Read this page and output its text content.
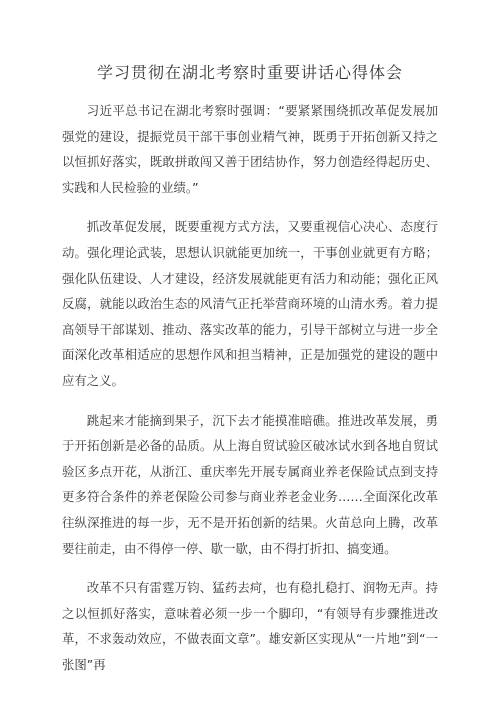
学习贯彻在湖北考察时重要讲话心得体会

习近平总书记在湖北考察时强调：“要紧紧围绕抓改革促发展加强党的建设，提振党员干部干事创业精气神，既勇于开拓创新又持之以恒抓好落实，既敢拼敢闯又善于团结协作，努力创造经得起历史、实践和人民检验的业绩。”

抓改革促发展，既要重视方式方法，又要重视信心决心、态度行动。强化理论武装，思想认识就能更加统一，干事创业就更有方略；强化队伍建设、人才建设，经济发展就能更有活力和动能；强化正风反腐，就能以政治生态的风清气正托举营商环境的山清水秀。着力提高领导干部谋划、推动、落实改革的能力，引导干部树立与进一步全面深化改革相适应的思想作风和担当精神，正是加强党的建设的题中应有之义。

跳起来才能摘到果子，沉下去才能摸准暗礁。推进改革发展，勇于开拓创新是必备的品质。从上海自贸试验区破冰试水到各地自贸试验区多点开花，从浙江、重庆率先开展专属商业养老保险试点到支持更多符合条件的养老保险公司参与商业养老金业务……全面深化改革往纵深推进的每一步，无不是开拓创新的结果。火苗总向上腾，改革要往前走，由不得停一停、歇一歇，由不得打折扣、搞变通。

改革不只有雷霆万钧、猛药去疴，也有稳扎稳打、润物无声。持之以恒抓好落实，意味着必须一步一个脚印，“有领导有步骤推进改革，不求轰动效应，不做表面文章”。雄安新区实现从“一片地”到“一张图”再
